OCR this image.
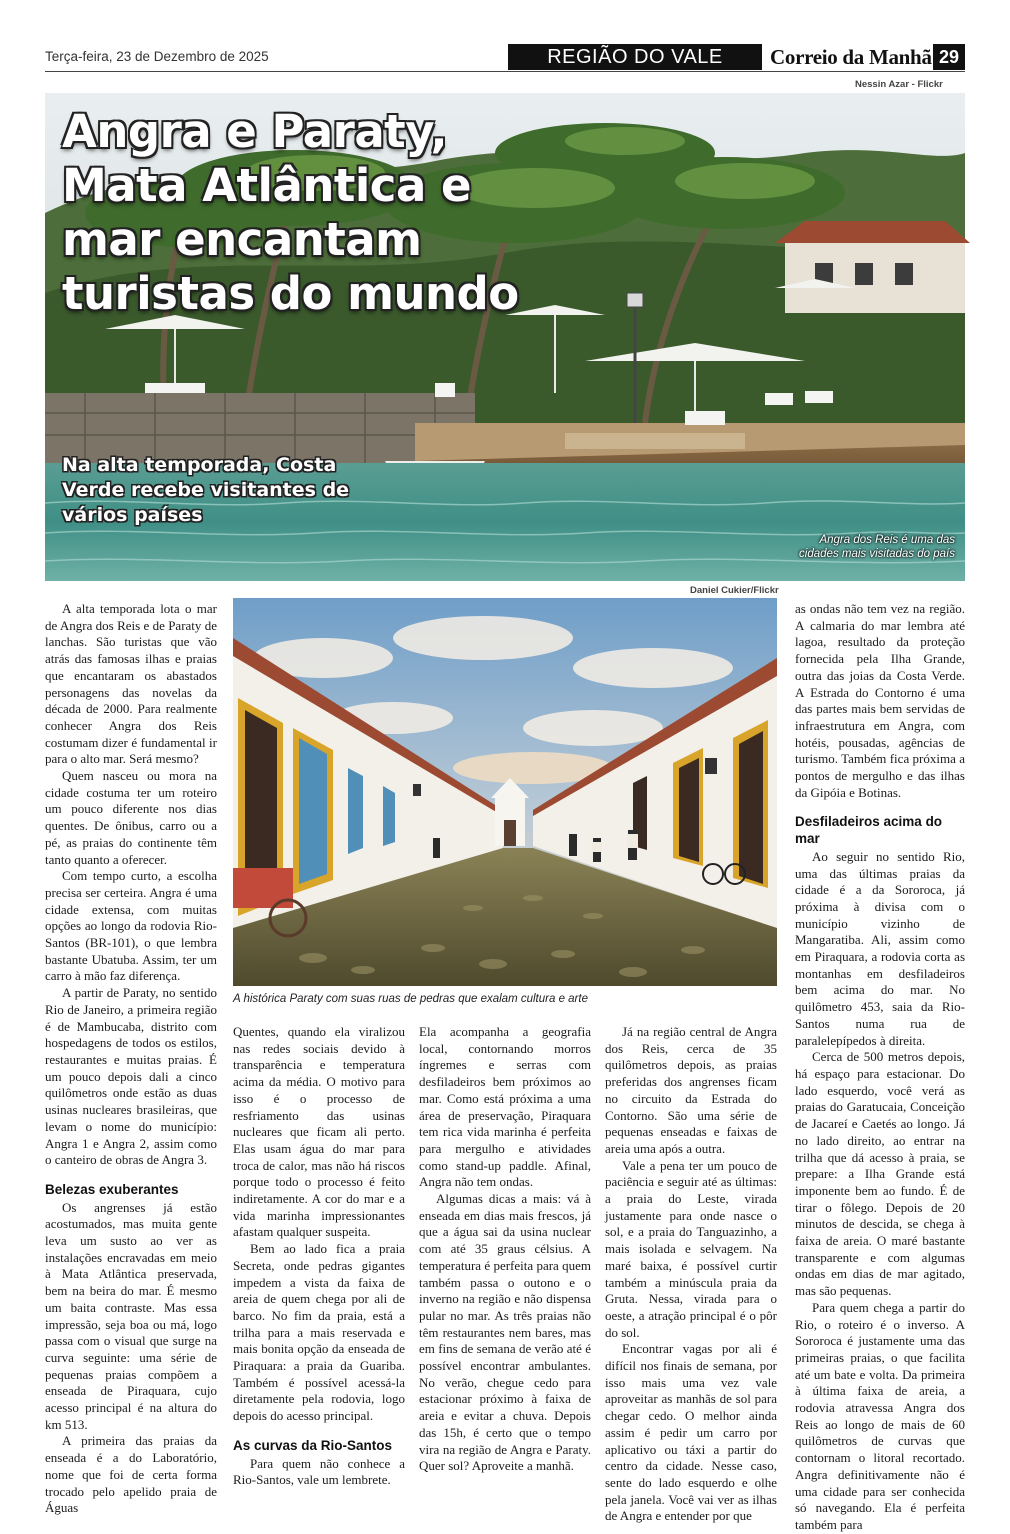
Terça-feira, 23 de Dezembro de 2025	REGIÃO DO VALE	Correio da Manhã 29
Nessin Azar - Flickr
Angra e Paraty, Mata Atlântica e mar encantam turistas do mundo
Na alta temporada, Costa Verde recebe visitantes de vários países
Angra dos Reis é uma das cidades mais visitadas do país
Daniel Cukier/Flickr
A histórica Paraty com suas ruas de pedras que exalam cultura e arte

A alta temporada lota o mar de Angra dos Reis e de Paraty de lanchas. São turistas que vão atrás das famosas ilhas e praias que encantaram os abastados personagens das novelas da década de 2000. Para realmente conhecer Angra dos Reis costumam dizer é fundamental ir para o alto mar. Será mesmo?

Quem nasceu ou mora na cidade costuma ter um roteiro um pouco diferente nos dias quentes. De ônibus, carro ou a pé, as praias do continente têm tanto quanto a oferecer.

Com tempo curto, a escolha precisa ser certeira. Angra é uma cidade extensa, com muitas opções ao longo da rodovia Rio-Santos (BR-101), o que lembra bastante Ubatuba. Assim, ter um carro à mão faz diferença.

A partir de Paraty, no sentido Rio de Janeiro, a primeira região é de Mambucaba, distrito com hospedagens de todos os estilos, restaurantes e muitas praias. É um pouco depois dali a cinco quilômetros onde estão as duas usinas nucleares brasileiras, que levam o nome do município: Angra 1 e Angra 2, assim como o canteiro de obras de Angra 3.

Belezas exuberantes

Os angrenses já estão acostumados, mas muita gente leva um susto ao ver as instalações encravadas em meio à Mata Atlântica preservada, bem na beira do mar. É mesmo um baita contraste. Mas essa impressão, seja boa ou má, logo passa com o visual que surge na curva seguinte: uma série de pequenas praias compõem a enseada de Piraquara, cujo acesso principal é na altura do km 513.

A primeira das praias da enseada é a do Laboratório, nome que foi de certa forma trocado pelo apelido praia de Águas

Quentes, quando ela viralizou nas redes sociais devido à transparência e temperatura acima da média. O motivo para isso é o processo de resfriamento das usinas nucleares que ficam ali perto. Elas usam água do mar para troca de calor, mas não há riscos porque todo o processo é feito indiretamente. A cor do mar e a vida marinha impressionantes afastam qualquer suspeita.

Bem ao lado fica a praia Secreta, onde pedras gigantes impedem a vista da faixa de areia de quem chega por ali de barco. No fim da praia, está a trilha para a mais reservada e mais bonita opção da enseada de Piraquara: a praia da Guariba. Também é possível acessá-la diretamente pela rodovia, logo depois do acesso principal.

As curvas da Rio-Santos

Para quem não conhece a Rio-Santos, vale um lembrete.

Ela acompanha a geografia local, contornando morros íngremes e serras com desfiladeiros bem próximos ao mar. Como está próxima a uma área de preservação, Piraquara tem rica vida marinha é perfeita para mergulho e atividades como stand-up paddle. Afinal, Angra não tem ondas.

Algumas dicas a mais: vá à enseada em dias mais frescos, já que a água sai da usina nuclear com até 35 graus célsius. A temperatura é perfeita para quem também passa o outono e o inverno na região e não dispensa pular no mar. As três praias não têm restaurantes nem bares, mas em fins de semana de verão até é possível encontrar ambulantes. No verão, chegue cedo para estacionar próximo à faixa de areia e evitar a chuva. Depois das 15h, é certo que o tempo vira na região de Angra e Paraty. Quer sol? Aproveite a manhã.

Já na região central de Angra dos Reis, cerca de 35 quilômetros depois, as praias preferidas dos angrenses ficam no circuito da Estrada do Contorno. São uma série de pequenas enseadas e faixas de areia uma após a outra.

Vale a pena ter um pouco de paciência e seguir até as últimas: a praia do Leste, virada justamente para onde nasce o sol, e a praia do Tanguazinho, a mais isolada e selvagem. Na maré baixa, é possível curtir também a minúscula praia da Gruta. Nessa, virada para o oeste, a atração principal é o pôr do sol.

Encontrar vagas por ali é difícil nos finais de semana, por isso mais uma vez vale aproveitar as manhãs de sol para chegar cedo. O melhor ainda assim é pedir um carro por aplicativo ou táxi a partir do centro da cidade. Nesse caso, sente do lado esquerdo e olhe pela janela. Você vai ver as ilhas de Angra e entender por que

as ondas não tem vez na região. A calmaria do mar lembra até lagoa, resultado da proteção fornecida pela Ilha Grande, outra das joias da Costa Verde. A Estrada do Contorno é uma das partes mais bem servidas de infraestrutura em Angra, com hotéis, pousadas, agências de turismo. Também fica próxima a pontos de mergulho e das ilhas da Gipóia e Botinas.

Desfiladeiros acima do mar

Ao seguir no sentido Rio, uma das últimas praias da cidade é a da Sororoca, já próxima à divisa com o município vizinho de Mangaratiba. Ali, assim como em Piraquara, a rodovia corta as montanhas em desfiladeiros bem acima do mar. No quilômetro 453, saia da Rio-Santos numa rua de paralelepípedos à direita.

Cerca de 500 metros depois, há espaço para estacionar. Do lado esquerdo, você verá as praias do Garatucaia, Conceição de Jacareí e Caetés ao longo. Já no lado direito, ao entrar na trilha que dá acesso à praia, se prepare: a Ilha Grande está imponente bem ao fundo. É de tirar o fôlego. Depois de 20 minutos de descida, se chega à faixa de areia. O maré bastante transparente e com algumas ondas em dias de mar agitado, mas são pequenas.

Para quem chega a partir do Rio, o roteiro é o inverso. A Sororoca é justamente uma das primeiras praias, o que facilita até um bate e volta. Da primeira à última faixa de areia, a rodovia atravessa Angra dos Reis ao longo de mais de 60 quilômetros de curvas que contornam o litoral recortado. Angra definitivamente não é uma cidade para ser conhecida só navegando. Ela é perfeita também para
